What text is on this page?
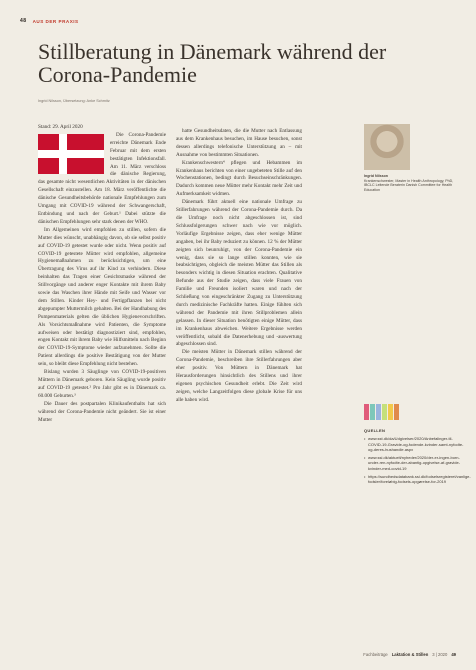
48 AUS DER PRAXIS
Stillberatung in Dänemark während der Corona-Pandemie
Ingrid Nilsson, Übersetzung: Anke Schmitz

Stand: 29. April 2020

Die Corona-Pandemie erreichte Dänemark Ende Februar mit dem ersten bestätigten Infektionsfall. Am 11. März verschloss die dänische Regierung, das gesamte nicht wesentlichen Aktivitäten in der dänischen Gesellschaft einzustellen. Am 18. März veröffentlichte die dänische Gesundheitsbehörde nationale Empfehlungen zum Umgang mit COVID-19 während der Schwangerschaft, Entbindung und nach der Geburt.¹ Dabei stützte die dänischen Empfehlungen sehr stark denen der WHO.

Im Allgemeinen wird empfohlen zu stillen, sofern die Mutter dies wünscht, unabhängig davon, ob sie selbst positiv auf COVID-19 getestet wurde oder nicht. Wenn positiv auf COVID-19 getestete Mütter wird empfohlen, allgemeine Hygienemaßnahmen zu berücksichtigen, um eine Übertragung des Virus auf ihr Kind zu verhindern. Diese beinhalten das Tragen einer Gesichtsmaske während der Stillvorgänge und anderer enger Kontakte mit ihrem Baby sowie das Waschen ihrer Hände mit Seife und Wasser vor dem Stillen. Kinder Hey- und Fertigpflanzen bei nicht abgepumpter Muttermilch gehalten. Bei der Handhabung des Pumpenmaterials gelten die üblichen Hygienevorschriften. Als Vorsichtsmaßnahme wird Patienten, die Symptome aufweisen oder bestätigt diagnostiziert sind, empfohlen, engen Kontakt mit ihrem Baby wie Hilfsmitteln nach Beginn der COVID-19-Symptome wieder aufzunehmen. Sollte die Patient allerdings die positive Bestätigung von der Mutter sein, so bleibt diese Empfehlung nicht bestehen.

Bislang wurden 3 Säuglinge von COVID-19-positiven Müttern in Dänemark geboren. Kein Säugling wurde positiv auf COVID-19 getestet.² Pro Jahr gibt es in Dänemark ca. 60.000 Geburten.³

Die Dauer des postpartalen Klinikaufenthalts hat sich während der Corona-Pandemie nicht geändert. Sie ist einer Mutter

hatte Gesundheitsdaten, die die Mutter nach Entlassung aus dem Krankenhaus besuchen, im Hause besuchen, sonst dessen allerdings telefonische Unterstützung an – mit Ausnahme von bestimmten Situationen.

Krankenschwestern⁴ pflegen und Hebammen im Krankenhaus berichten von einer ungebeteten Stille auf den Wochenstationen, bedingt durch Besuchseinschränkungen. Dadurch kommen neue Mütter mehr Kontakt mehr Zeit und Aufmerksamkeit widmen.

Dänemark führt aktuell eine nationale Umfrage zu Stillerfahrungen während der Corona-Pandemie durch. Da die Umfrage noch nicht abgeschlossen ist, sind Schlussfolgerungen schwer nach wie vor möglich. Vorläufige Ergebnisse zeigen, dass eher wenige Mütter angaben, bei ihr Baby reduziert zu können. 12 % der Mütter zeigten sich beunruhigt, von der Corona-Pandemie ein wenig, dass sie so lange stillen konnten, wie sie beabsichtigten, obgleich die meisten Mütter das Stillen als besonders wichtig in diesen Situation erachten. Qualitative Befunde aus der Studie zeigen, dass viele Frauen von Familie und Freunden isoliert waren und nach der Schließung von eingeschränkter Zugang zu Unterstützung durch medizinische Fachkräfte hatten. Einige fühlten sich während der Pandemie mit ihren Stillproblemen allein gelassen. In dieser Situation benötigten einige Mütter, dass im Krankenhaus abweichen. Weitere Ergebnisse werden veröffentlicht, sobald die Datenerhebung und -auswertung abgeschlossen sind.

Die meisten Mütter in Dänemark stillen während der Corona-Pandemie, beschreiben ihre Stillerfahrungen aber eher positiv. Von Müttern in Dänemark hat Herausforderungen hinsichtlich des Stillens und ihrer eigenen psychischen Gesundheit erlebt. Die Zeit wird zeigen, welche Langzeitfolgen diese globale Krise für uns alle haben wird.

Ingrid Nilsson
Krankenschwester, Master in Health Anthropology, PhD, IBCLC Leitende Beraterin Danish Committee for Health Education
QUELLEN
• www.sst.dk/da/Udgivelser/2020/Anbefalinger-til-COVID-19-Gravide-og-fodende-kvinder-samt-nyfodte-og-deres-hushandle.aspx
• www.ssi.dk/aktuelt/nyheder/2020/der-er-ingen-born-under-ren-nyfodte-der-abantig-opgivelse-af-gravide-kvinder-med-covid-19
• https://sundhedsdatabank.ssi.dk/fodselsregisteret/vanlige-fodsler/foreløbig-fodsels-opgørelse-for-2019
Fachbeiträge Laktation & Stillen 3 | 2020 49
